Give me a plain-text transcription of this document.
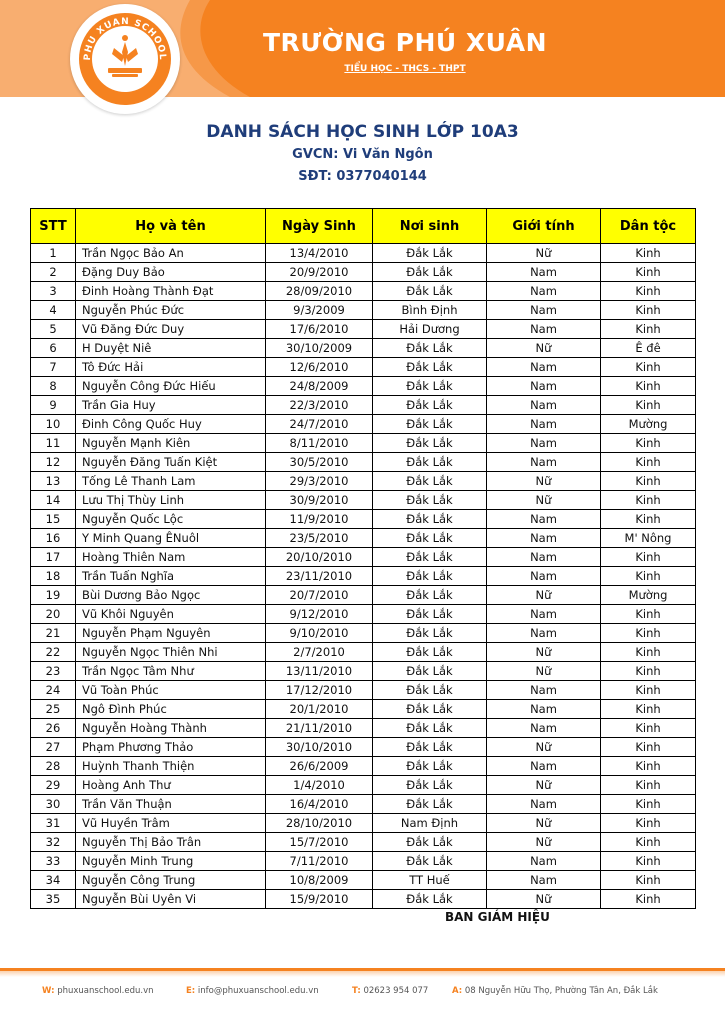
PHU XUAN SCHOOL
TRƯỜNG PHÚ XUÂN
TIỂU HỌC - THCS - THPT
DANH SÁCH HỌC SINH LỚP 10A3
GVCN: Vi Văn Ngôn
SĐT: 0377040144
STT	Họ và tên	Ngày Sinh	Nơi sinh	Giới tính	Dân tộc
1	Trần Ngọc Bảo An	13/4/2010	Đắk Lắk	Nữ	Kinh
2	Đặng Duy Bảo	20/9/2010	Đắk Lắk	Nam	Kinh
3	Đinh Hoàng Thành Đạt	28/09/2010	Đắk Lắk	Nam	Kinh
4	Nguyễn Phúc Đức	9/3/2009	Bình Định	Nam	Kinh
5	Vũ Đăng Đức Duy	17/6/2010	Hải Dương	Nam	Kinh
6	H Duyệt Niê	30/10/2009	Đắk Lắk	Nữ	Ê đê
7	Tô Đức Hải	12/6/2010	Đắk Lắk	Nam	Kinh
8	Nguyễn Công Đức Hiếu	24/8/2009	Đắk Lắk	Nam	Kinh
9	Trần Gia Huy	22/3/2010	Đắk Lắk	Nam	Kinh
10	Đinh Công Quốc Huy	24/7/2010	Đắk Lắk	Nam	Mường
11	Nguyễn Mạnh Kiên	8/11/2010	Đắk Lắk	Nam	Kinh
12	Nguyễn Đăng Tuấn Kiệt	30/5/2010	Đắk Lắk	Nam	Kinh
13	Tống Lê Thanh Lam	29/3/2010	Đắk Lắk	Nữ	Kinh
14	Lưu Thị Thùy Linh	30/9/2010	Đắk Lắk	Nữ	Kinh
15	Nguyễn Quốc Lộc	11/9/2010	Đắk Lắk	Nam	Kinh
16	Y Minh Quang ÊNuôl	23/5/2010	Đắk Lắk	Nam	M' Nông
17	Hoàng Thiên Nam	20/10/2010	Đắk Lắk	Nam	Kinh
18	Trần Tuấn Nghĩa	23/11/2010	Đắk Lắk	Nam	Kinh
19	Bùi Dương Bảo Ngọc	20/7/2010	Đắk Lắk	Nữ	Mường
20	Vũ Khôi Nguyên	9/12/2010	Đắk Lắk	Nam	Kinh
21	Nguyễn Phạm Nguyên	9/10/2010	Đắk Lắk	Nam	Kinh
22	Nguyễn Ngọc Thiên Nhi	2/7/2010	Đắk Lắk	Nữ	Kinh
23	Trần Ngọc Tâm Như	13/11/2010	Đắk Lắk	Nữ	Kinh
24	Vũ Toàn Phúc	17/12/2010	Đắk Lắk	Nam	Kinh
25	Ngô Đình Phúc	20/1/2010	Đắk Lắk	Nam	Kinh
26	Nguyễn Hoàng Thành	21/11/2010	Đắk Lắk	Nam	Kinh
27	Phạm Phương Thảo	30/10/2010	Đắk Lắk	Nữ	Kinh
28	Huỳnh Thanh Thiện	26/6/2009	Đắk Lắk	Nam	Kinh
29	Hoàng Anh Thư	1/4/2010	Đắk Lắk	Nữ	Kinh
30	Trần Văn Thuận	16/4/2010	Đắk Lắk	Nam	Kinh
31	Vũ Huyền Trâm	28/10/2010	Nam Định	Nữ	Kinh
32	Nguyễn Thị Bảo Trân	15/7/2010	Đắk Lắk	Nữ	Kinh
33	Nguyễn Minh Trung	7/11/2010	Đắk Lắk	Nam	Kinh
34	Nguyễn Công Trung	10/8/2009	TT Huế	Nam	Kinh
35	Nguyễn Bùi Uyên Vi	15/9/2010	Đắk Lắk	Nữ	Kinh
BAN GIÁM HIỆU
W: phuxuanschool.edu.vn	E: info@phuxuanschool.edu.vn	T: 02623 954 077	A: 08 Nguyễn Hữu Thọ, Phường Tân An, Đắk Lắk
